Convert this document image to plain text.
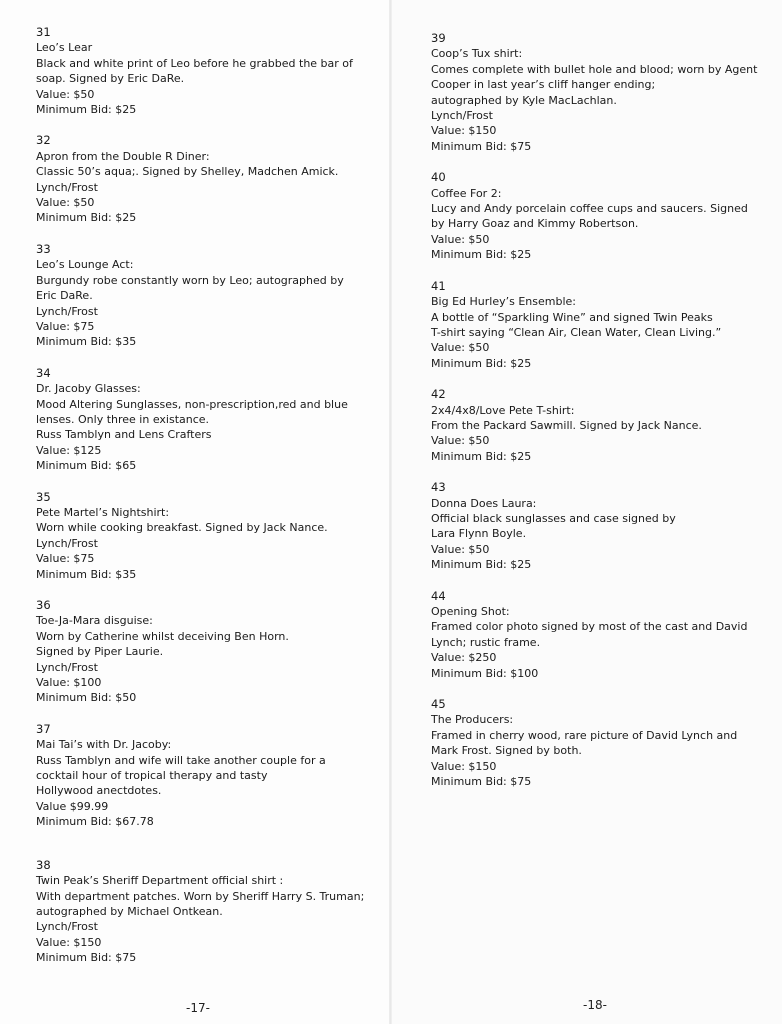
31

Leo’s Lear

Black and white print of Leo before he grabbed the bar of soap. Signed by Eric DaRe.

Value: $50

Minimum Bid: $25

32

Apron from the Double R Diner:

Classic 50’s aqua;. Signed by Shelley, Madchen Amick.

Lynch/Frost

Value: $50

Minimum Bid: $25

33

Leo’s Lounge Act:

Burgundy robe constantly worn by Leo; autographed by Eric DaRe.

Lynch/Frost

Value: $75

Minimum Bid: $35

34

Dr. Jacoby Glasses:

Mood Altering Sunglasses, non-prescription,red and blue lenses. Only three in existance.

Russ Tamblyn and Lens Crafters

Value: $125

Minimum Bid: $65

35

Pete Martel’s Nightshirt:

Worn while cooking breakfast. Signed by Jack Nance.

Lynch/Frost

Value: $75

Minimum Bid: $35

36

Toe-Ja-Mara disguise:

Worn by Catherine whilst deceiving Ben Horn.

Signed by Piper Laurie.

Lynch/Frost

Value: $100

Minimum Bid: $50

37

Mai Tai’s with Dr. Jacoby:

Russ Tamblyn and wife will take another couple for a cocktail hour of tropical therapy and tasty

Hollywood anectdotes.

Value $99.99

Minimum Bid: $67.78

38

Twin Peak’s Sheriff Department official shirt :

With department patches. Worn by Sheriff Harry S. Truman; autographed by Michael Ontkean.

Lynch/Frost

Value: $150

Minimum Bid: $75

39

Coop’s Tux shirt:

Comes complete with bullet hole and blood; worn by Agent Cooper in last year’s cliff hanger ending;

autographed by Kyle MacLachlan.

Lynch/Frost

Value: $150

Minimum Bid: $75

40

Coffee For 2:

Lucy and Andy porcelain coffee cups and saucers. Signed by Harry Goaz and Kimmy Robertson.

Value: $50

Minimum Bid: $25

41

Big Ed Hurley’s Ensemble:

A bottle of “Sparkling Wine” and signed Twin Peaks

T-shirt saying “Clean Air, Clean Water, Clean Living.”

Value: $50

Minimum Bid: $25

42

2x4/4x8/Love Pete T-shirt:

From the Packard Sawmill. Signed by Jack Nance.

Value: $50

Minimum Bid: $25

43

Donna Does Laura:

Official black sunglasses and case signed by

Lara Flynn Boyle.

Value: $50

Minimum Bid: $25

44

Opening Shot:

Framed color photo signed by most of the cast and David Lynch; rustic frame.

Value: $250

Minimum Bid: $100

45

The Producers:

Framed in cherry wood, rare picture of David Lynch and Mark Frost. Signed by both.

Value: $150

Minimum Bid: $75

-17-	-18-
